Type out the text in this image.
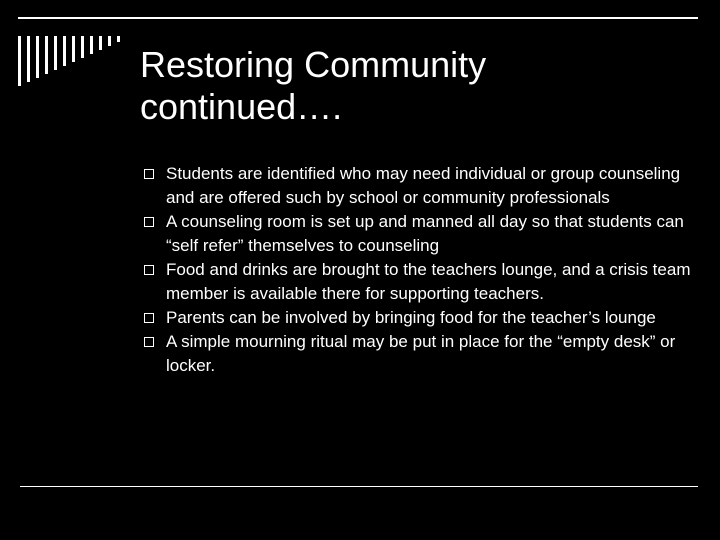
Restoring Community
continued….
Students are identified who may need individual or group counseling and are offered such by school or community professionals
A counseling room is set up and manned all day so that students can “self refer” themselves to counseling
Food and drinks are brought to the teachers lounge, and a crisis team member is available there for supporting teachers.
Parents can be involved by bringing food for the teacher’s lounge
A simple mourning ritual may be put in place for the “empty desk” or locker.
